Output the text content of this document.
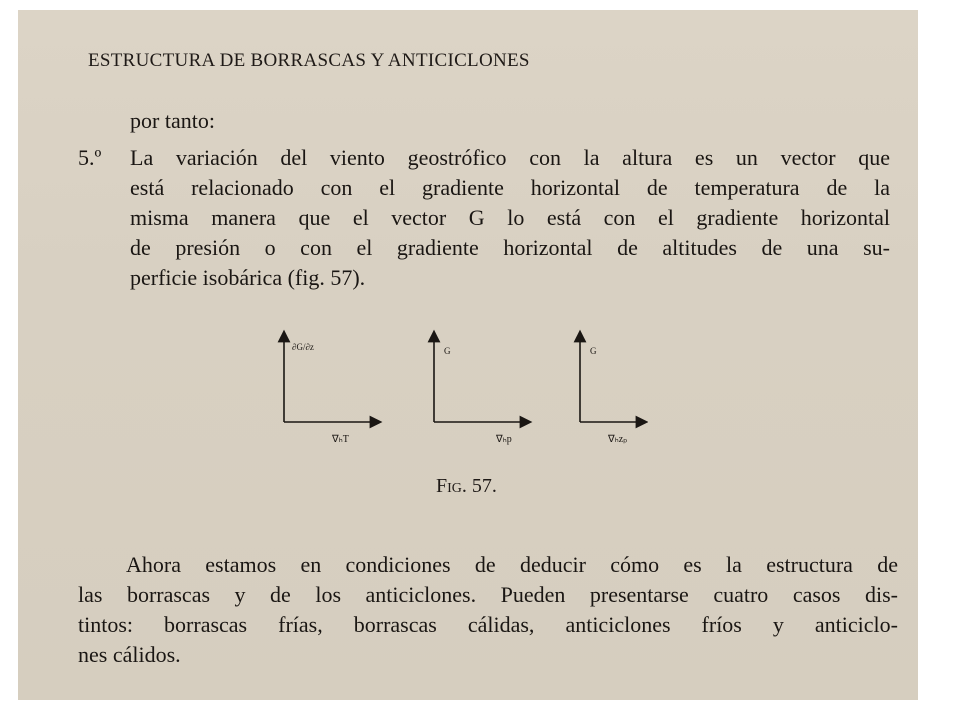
ESTRUCTURA DE BORRASCAS Y ANTICICLONES
por tanto:
5.º La variación del viento geostrófico con la altura es un vector que
está relacionado con el gradiente horizontal de temperatura de la
misma manera que el vector G lo está con el gradiente horizontal
de presión o con el gradiente horizontal de altitudes de una su-
perficie isobárica (fig. 57).
∂G/∂z
∇ₕT
G
∇ₕp
G
∇ₕzₚ
Fig. 57.
Ahora estamos en condiciones de deducir cómo es la estructura de
las borrascas y de los anticiclones. Pueden presentarse cuatro casos dis-
tintos: borrascas frías, borrascas cálidas, anticiclones fríos y anticiclo-
nes cálidos.
